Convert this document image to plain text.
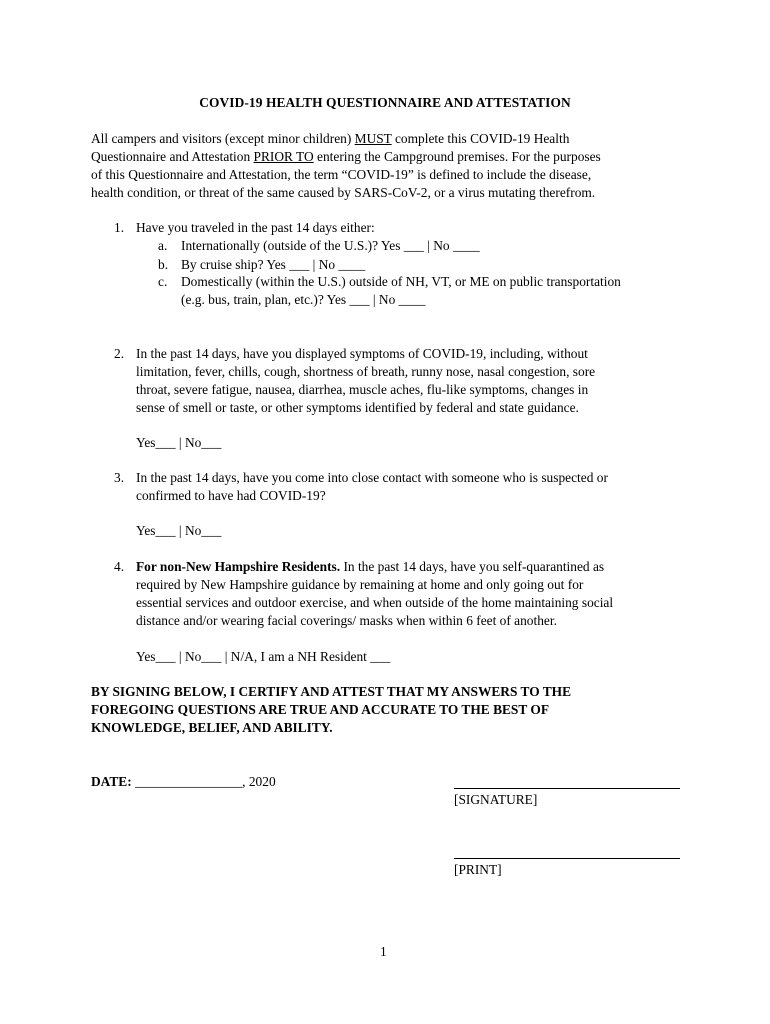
COVID-19 HEALTH QUESTIONNAIRE AND ATTESTATION
All campers and visitors (except minor children) MUST complete this COVID-19 Health
Questionnaire and Attestation PRIOR TO entering the Campground premises. For the purposes
of this Questionnaire and Attestation, the term “COVID-19” is defined to include the disease,
health condition, or threat of the same caused by SARS-CoV-2, or a virus mutating therefrom.
1. Have you traveled in the past 14 days either:
a. Internationally (outside of the U.S.)? Yes ___ | No ____
b. By cruise ship? Yes ___ | No ____
c. Domestically (within the U.S.) outside of NH, VT, or ME on public transportation
(e.g. bus, train, plan, etc.)? Yes ___ | No ____
2. In the past 14 days, have you displayed symptoms of COVID-19, including, without
limitation, fever, chills, cough, shortness of breath, runny nose, nasal congestion, sore
throat, severe fatigue, nausea, diarrhea, muscle aches, flu-like symptoms, changes in
sense of smell or taste, or other symptoms identified by federal and state guidance.
Yes___ | No___
3. In the past 14 days, have you come into close contact with someone who is suspected or
confirmed to have had COVID-19?
Yes___ | No___
4. For non-New Hampshire Residents. In the past 14 days, have you self-quarantined as
required by New Hampshire guidance by remaining at home and only going out for
essential services and outdoor exercise, and when outside of the home maintaining social
distance and/or wearing facial coverings/ masks when within 6 feet of another.
Yes___ | No___ | N/A, I am a NH Resident ___
BY SIGNING BELOW, I CERTIFY AND ATTEST THAT MY ANSWERS TO THE
FOREGOING QUESTIONS ARE TRUE AND ACCURATE TO THE BEST OF
KNOWLEDGE, BELIEF, AND ABILITY.
DATE: ________________, 2020
[SIGNATURE]
[PRINT]
1
